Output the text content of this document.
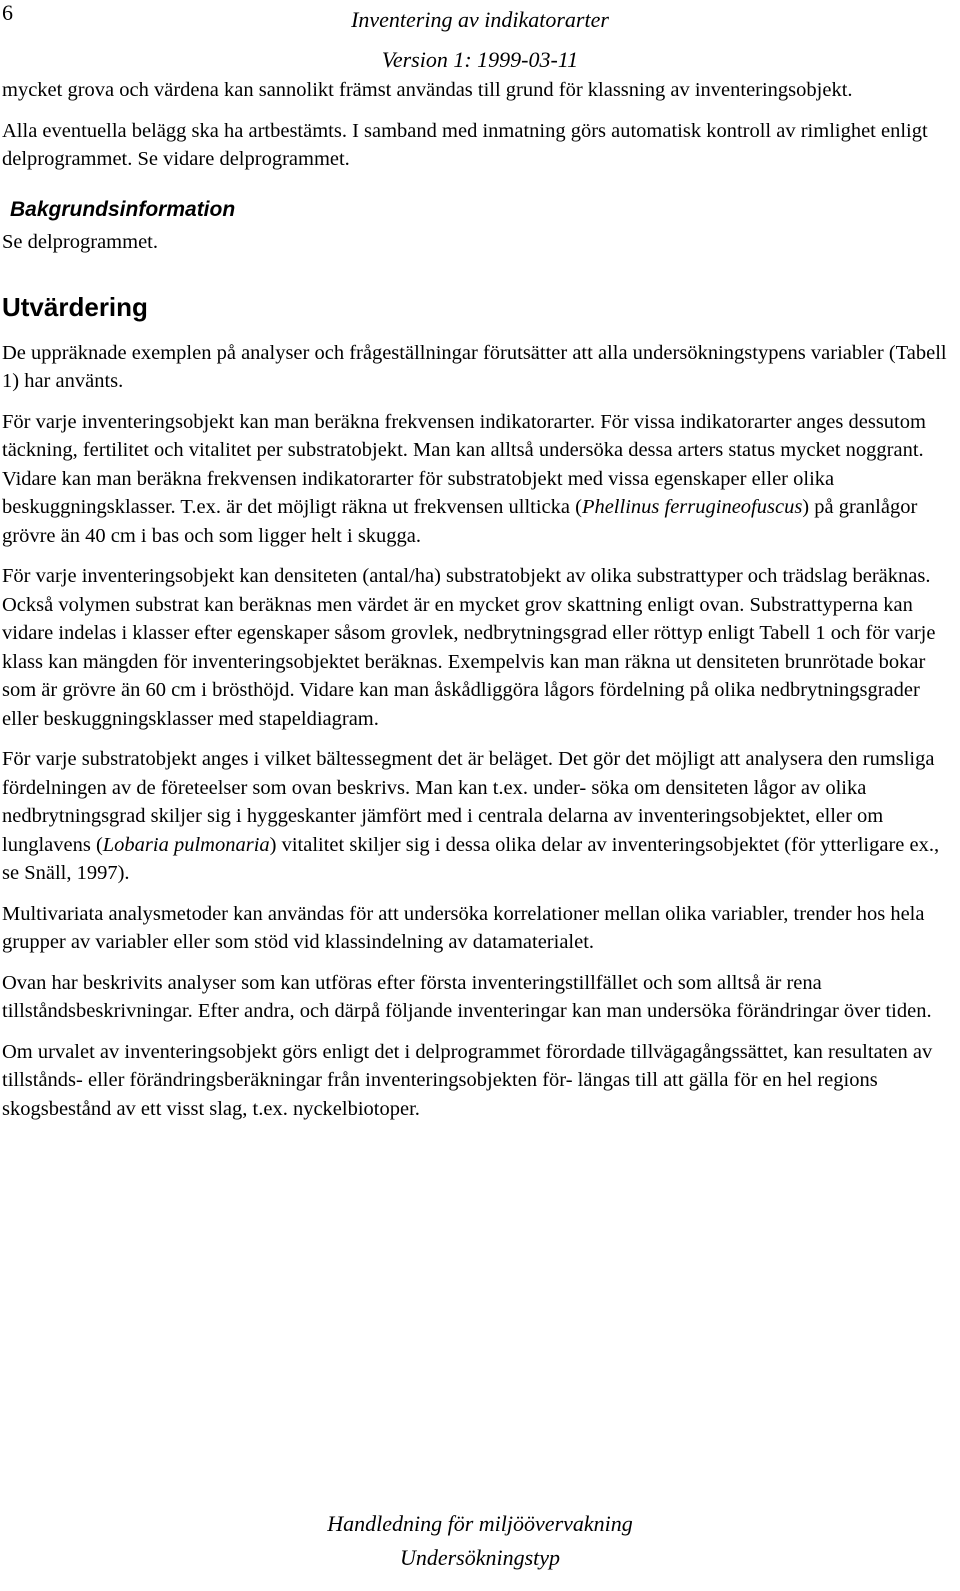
6	Inventering av indikatorarter
Version 1: 1999-03-11

mycket grova och värdena kan sannolikt främst användas till grund för klassning av inventeringsobjekt.

Alla eventuella belägg ska ha artbestämts. I samband med inmatning görs automatisk kontroll av rimlighet enligt delprogrammet. Se vidare delprogrammet.

Bakgrundsinformation

Se delprogrammet.

Utvärdering

De uppräknade exemplen på analyser och frågeställningar förutsätter att alla undersökningstypens variabler (Tabell 1) har använts.

För varje inventeringsobjekt kan man beräkna frekvensen indikatorarter. För vissa indikatorarter anges dessutom täckning, fertilitet och vitalitet per substratobjekt. Man kan alltså undersöka dessa arters status mycket noggrant. Vidare kan man beräkna frekvensen indikatorarter för substratobjekt med vissa egenskaper eller olika beskuggningsklasser. T.ex. är det möjligt räkna ut frekvensen ullticka (Phellinus ferrugineofuscus) på granlågor grövre än 40 cm i bas och som ligger helt i skugga.

För varje inventeringsobjekt kan densiteten (antal/ha) substratobjekt av olika substrattyper och trädslag beräknas. Också volymen substrat kan beräknas men värdet är en mycket grov skattning enligt ovan. Substrattyperna kan vidare indelas i klasser efter egenskaper såsom grovlek, nedbrytningsgrad eller röttyp enligt Tabell 1 och för varje klass kan mängden för inventeringsobjektet beräknas. Exempelvis kan man räkna ut densiteten brunrötade bokar som är grövre än 60 cm i brösthöjd. Vidare kan man åskådliggöra lågors fördelning på olika nedbrytningsgrader eller beskuggningsklasser med stapeldiagram.

För varje substratobjekt anges i vilket bältessegment det är beläget. Det gör det möjligt att analysera den rumsliga fördelningen av de företeelser som ovan beskrivs. Man kan t.ex. under- söka om densiteten lågor av olika nedbrytningsgrad skiljer sig i hyggeskanter jämfört med i centrala delarna av inventeringsobjektet, eller om lunglavens (Lobaria pulmonaria) vitalitet skiljer sig i dessa olika delar av inventeringsobjektet (för ytterligare ex., se Snäll, 1997).

Multivariata analysmetoder kan användas för att undersöka korrelationer mellan olika variabler, trender hos hela grupper av variabler eller som stöd vid klassindelning av datamaterialet.

Ovan har beskrivits analyser som kan utföras efter första inventeringstillfället och som alltså är rena tillståndsbeskrivningar. Efter andra, och därpå följande inventeringar kan man undersöka förändringar över tiden.

Om urvalet av inventeringsobjekt görs enligt det i delprogrammet förordade tillvägagångssättet, kan resultaten av tillstånds- eller förändringsberäkningar från inventeringsobjekten för- längas till att gälla för en hel regions skogsbestånd av ett visst slag, t.ex. nyckelbiotoper.

Handledning för miljöövervakning
Undersökningstyp
